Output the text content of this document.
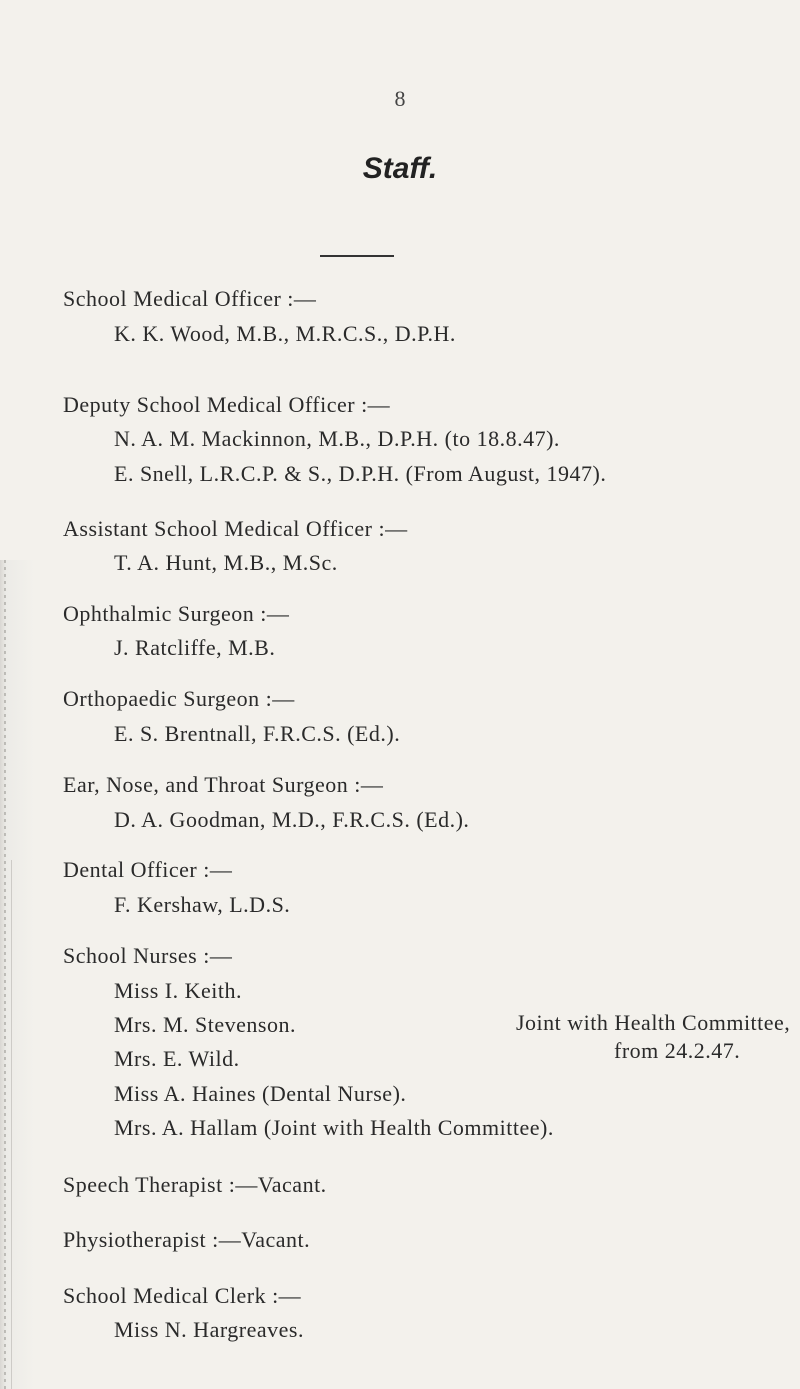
8
Staff.
School Medical Officer :—
K. K. Wood, M.B., M.R.C.S., D.P.H.
Deputy School Medical Officer :—
N. A. M. Mackinnon, M.B., D.P.H. (to 18.8.47).
E. Snell, L.R.C.P. & S., D.P.H. (From August, 1947).
Assistant School Medical Officer :—
T. A. Hunt, M.B., M.Sc.
Ophthalmic Surgeon :—
J. Ratcliffe, M.B.
Orthopaedic Surgeon :—
E. S. Brentnall, F.R.C.S. (Ed.).
Ear, Nose, and Throat Surgeon :—
D. A. Goodman, M.D., F.R.C.S. (Ed.).
Dental Officer :—
F. Kershaw, L.D.S.
School Nurses :—
Miss I. Keith.
Mrs. M. Stevenson.
Mrs. E. Wild.
Joint with Health Committee,
from 24.2.47.
Miss A. Haines (Dental Nurse).
Mrs. A. Hallam (Joint with Health Committee).
Speech Therapist :—Vacant.
Physiotherapist :—Vacant.
School Medical Clerk :—
Miss N. Hargreaves.
